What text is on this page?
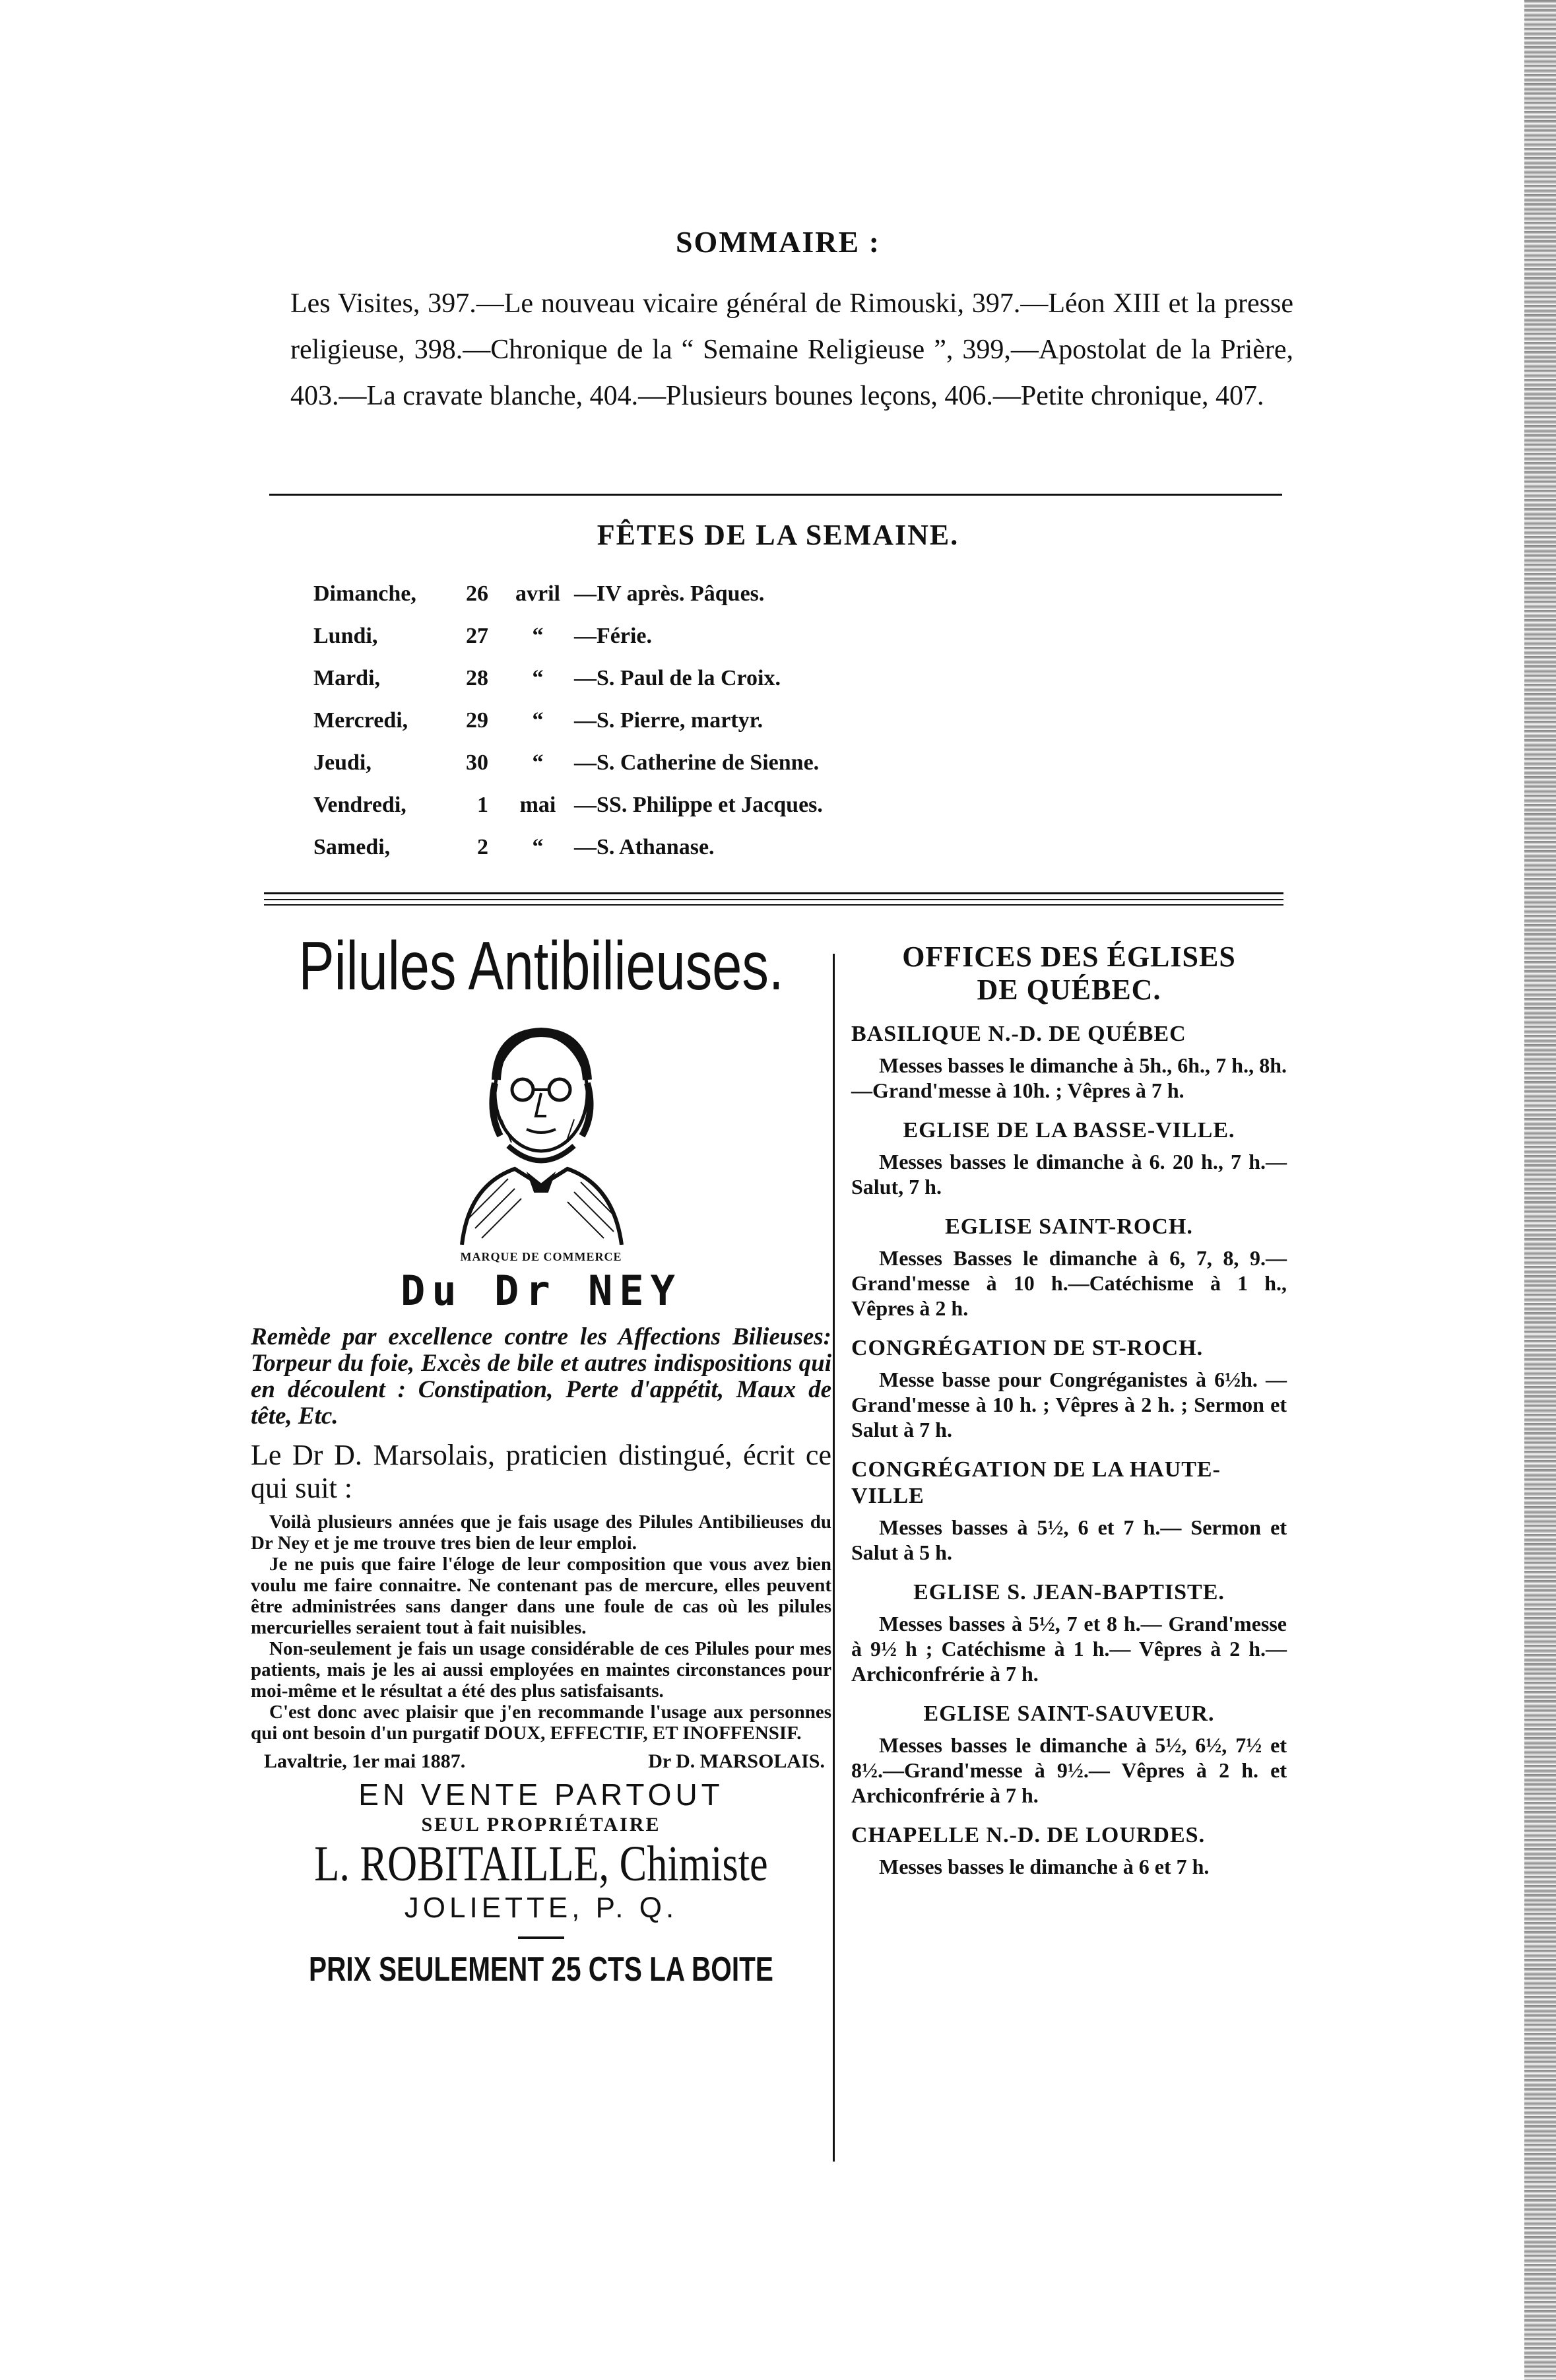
SOMMAIRE :
Les Visites, 397.—Le nouveau vicaire général de Rimouski, 397.—Léon XIII et la presse religieuse, 398.—Chronique de la “ Semaine Religieuse ”, 399,—Apostolat de la Prière, 403.—La cravate blanche, 404.—Plusieurs bounes leçons, 406.—Petite chronique, 407.
FÊTES DE LA SEMAINE.
Dimanche,	26	avril	—IV après. Pâques.
Lundi,	27	“	—Férie.
Mardi,	28	“	—S. Paul de la Croix.
Mercredi,	29	“	—S. Pierre, martyr.
Jeudi,	30	“	—S. Catherine de Sienne.
Vendredi,	1	mai	—SS. Philippe et Jacques.
Samedi,	2	“	—S. Athanase.
Pilules Antibilieuses.
MARQUE DE COMMERCE
Du Dr NEY
Remède par excellence contre les Affections Bilieuses: Torpeur du foie, Excès de bile et autres indispositions qui en découlent : Constipation, Perte d'appétit, Maux de tête, Etc.
Le Dr D. Marsolais, praticien distingué, écrit ce qui suit :

Voilà plusieurs années que je fais usage des Pilules Antibilieuses du Dr Ney et je me trouve tres bien de leur emploi.

Je ne puis que faire l'éloge de leur composition que vous avez bien voulu me faire connaitre. Ne contenant pas de mercure, elles peuvent être administrées sans danger dans une foule de cas où les pilules mercurielles seraient tout à fait nuisibles.

Non-seulement je fais un usage considérable de ces Pilules pour mes patients, mais je les ai aussi employées en maintes circonstances pour moi-même et le résultat a été des plus satisfaisants.

C'est donc avec plaisir que j'en recommande l'usage aux personnes qui ont besoin d'un purgatif DOUX, EFFECTIF, ET INOFFENSIF.

Lavaltrie, 1er mai 1887.	Dr D. MARSOLAIS.
EN VENTE PARTOUT
SEUL PROPRIÉTAIRE
L. ROBITAILLE, Chimiste
JOLIETTE, P. Q.
PRIX SEULEMENT 25 CTS LA BOITE
OFFICES DES ÉGLISES
DE QUÉBEC.
BASILIQUE N.-D. DE QUÉBEC
Messes basses le dimanche à 5h., 6h., 7 h., 8h.—Grand'messe à 10h. ; Vêpres à 7 h.
EGLISE DE LA BASSE-VILLE.
Messes basses le dimanche à 6. 20 h., 7 h.—Salut, 7 h.
EGLISE SAINT-ROCH.
Messes Basses le dimanche à 6, 7, 8, 9.—Grand'messe à 10 h.—Catéchisme à 1 h., Vêpres à 2 h.
CONGRÉGATION DE ST-ROCH.
Messe basse pour Congréganistes à 6½h. — Grand'messe à 10 h. ; Vêpres à 2 h. ; Sermon et Salut à 7 h.
CONGRÉGATION DE LA HAUTE-VILLE
Messes basses à 5½, 6 et 7 h.— Sermon et Salut à 5 h.
EGLISE S. JEAN-BAPTISTE.
Messes basses à 5½, 7 et 8 h.— Grand'messe à 9½ h ; Catéchisme à 1 h.— Vêpres à 2 h.— Archiconfrérie à 7 h.
EGLISE SAINT-SAUVEUR.
Messes basses le dimanche à 5½, 6½, 7½ et 8½.—Grand'messe à 9½.— Vêpres à 2 h. et Archiconfrérie à 7 h.
CHAPELLE N.-D. DE LOURDES.
Messes basses le dimanche à 6 et 7 h.
